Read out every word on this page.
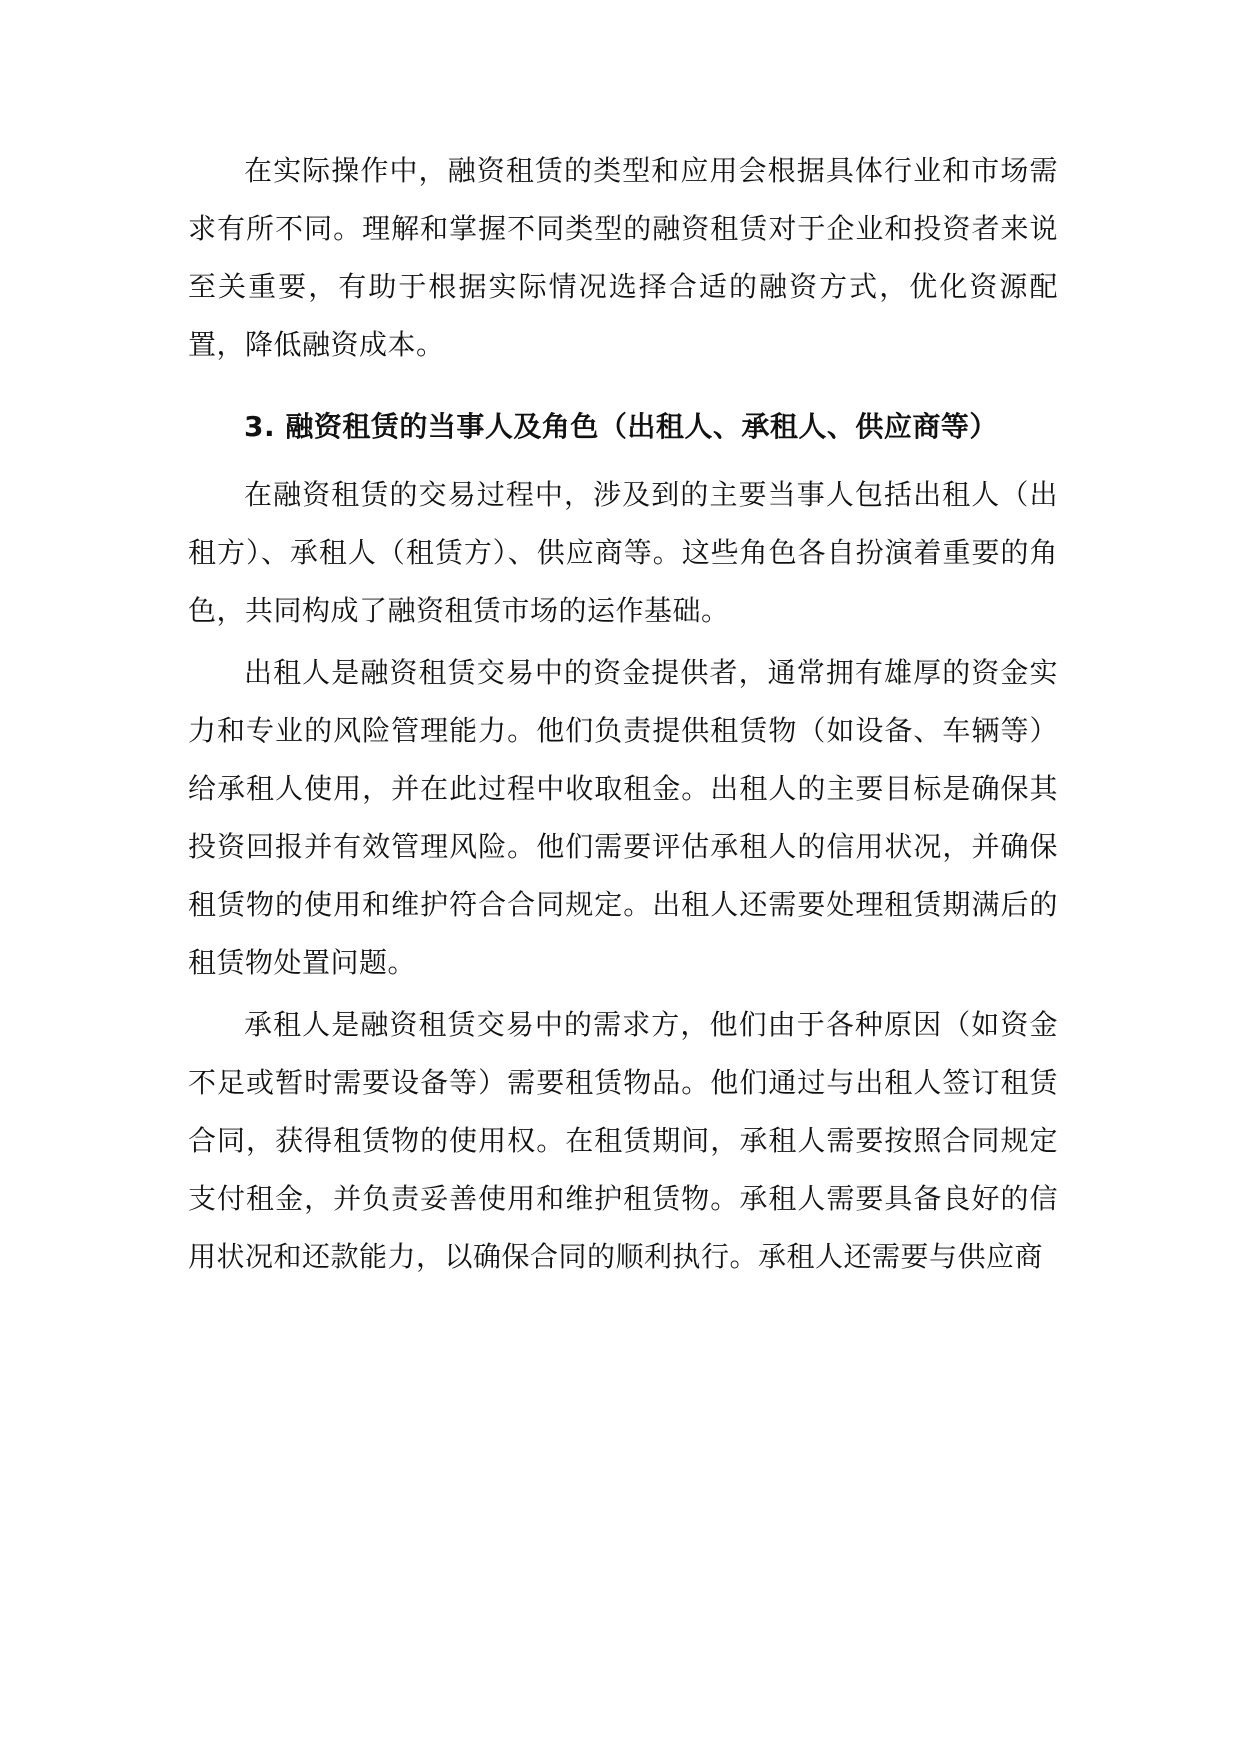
在实际操作中，融资租赁的类型和应用会根据具体行业和市场需求有所不同。理解和掌握不同类型的融资租赁对于企业和投资者来说至关重要，有助于根据实际情况选择合适的融资方式，优化资源配置，降低融资成本。

3. 融资租赁的当事人及角色（出租人、承租人、供应商等）

在融资租赁的交易过程中，涉及到的主要当事人包括出租人（出租方）、承租人（租赁方）、供应商等。这些角色各自扮演着重要的角色，共同构成了融资租赁市场的运作基础。

出租人是融资租赁交易中的资金提供者，通常拥有雄厚的资金实力和专业的风险管理能力。他们负责提供租赁物（如设备、车辆等）给承租人使用，并在此过程中收取租金。出租人的主要目标是确保其投资回报并有效管理风险。他们需要评估承租人的信用状况，并确保租赁物的使用和维护符合合同规定。出租人还需要处理租赁期满后的租赁物处置问题。

承租人是融资租赁交易中的需求方，他们由于各种原因（如资金不足或暂时需要设备等）需要租赁物品。他们通过与出租人签订租赁合同，获得租赁物的使用权。在租赁期间，承租人需要按照合同规定支付租金，并负责妥善使用和维护租赁物。承租人需要具备良好的信用状况和还款能力，以确保合同的顺利执行。承租人还需要与供应商
